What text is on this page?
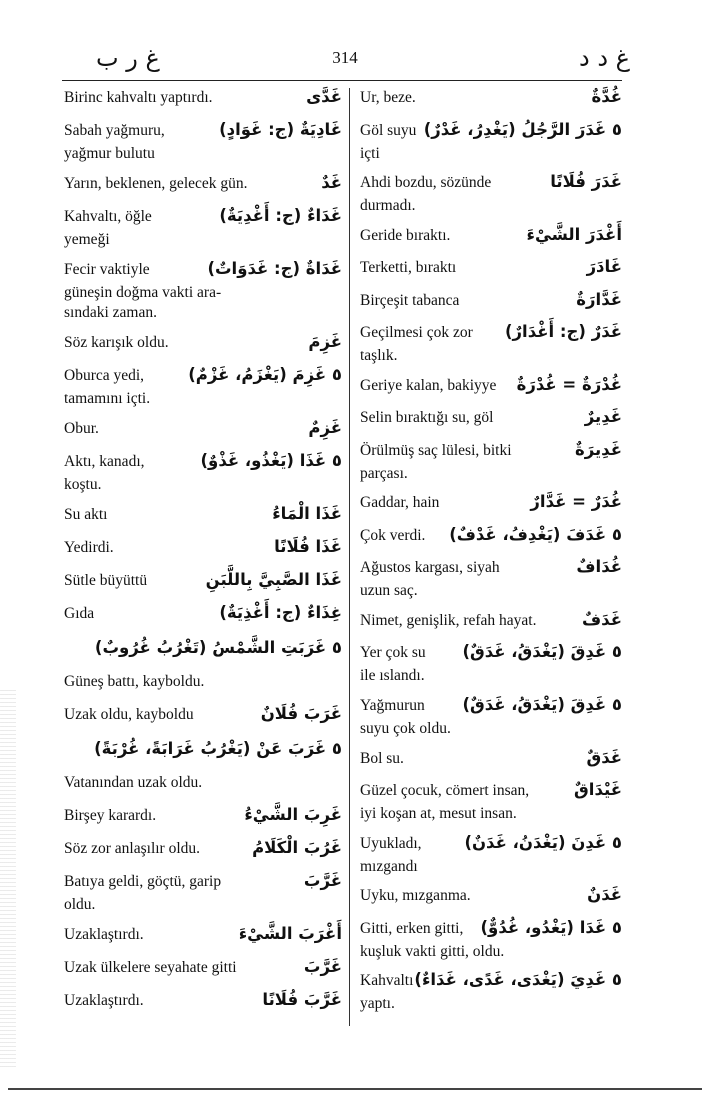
غ ر ب	314	غ د د
Birinc kahvaltı yaptırdı.	غَدَّى
Sabah yağmuru,	غَادِيَةٌ (ج: غَوَادٍ)
yağmur bulutu
Yarın, beklenen, gelecek gün.	غَدٌ
Kahvaltı, öğle	غَدَاءٌ (ج: أَغْدِيَةٌ)
yemeği
Fecir vaktiyle	غَدَاةٌ (ج: غَدَوَاتٌ)
güneşin doğma vakti ara-
sındaki zaman.
Söz karışık oldu.	غَزِمَ
Oburca yedi,	٥ غَزِمَ (يَغْزَمُ، غَزْمٌ)
tamamını içti.
Obur.	غَزِمٌ
Aktı, kanadı,	٥ غَذَا (يَغْذُو، غَذْوٌ)
koştu.
Su aktı	غَذَا الْمَاءُ
Yedirdi.	غَذَا فُلَانًا
Sütle büyüttü	غَذَا الصَّبِيَّ بِاللَّبَنِ
Gıda	غِذَاءٌ (ج: أَغْذِيَةٌ)
٥ غَرَبَتِ الشَّمْسُ (تَغْرُبُ غُرُوبٌ)
Güneş battı, kayboldu.
Uzak oldu, kayboldu	غَرَبَ فُلَانٌ
٥ غَرَبَ عَنْ (يَغْرُبُ غَرَابَةً، غُرْبَةً)
Vatanından uzak oldu.
Birşey karardı.	غَرِبَ الشَّيْءُ
Söz zor anlaşılır oldu.	غَرُبَ الْكَلَامُ
Batıya geldi, göçtü, garip	غَرَّبَ
oldu.
Uzaklaştırdı.	أَغْرَبَ الشَّيْءَ
Uzak ülkelere seyahate gitti	غَرَّبَ
Uzaklaştırdı.	غَرَّبَ فُلَانًا
Ur, beze.	غُدَّةٌ
Göl suyu ٥ غَدَرَ الرَّجُلُ (يَغْدِرُ، غَدْرٌ)
içti
Ahdi bozdu, sözünde	غَدَرَ فُلَانًا
durmadı.
Geride bıraktı.	أَغْدَرَ الشَّيْءَ
Terketti, bıraktı	غَادَرَ
Birçeşit tabanca	غَدَّارَةٌ
Geçilmesi çok zor غَدَرٌ (ج: أَغْدَارٌ)
taşlık.
Geriye kalan, bakiyye غُدْرَةٌ = غُدْرَةٌ
Selin bıraktığı su, göl	غَدِيرٌ
Örülmüş saç lülesi, bitki	غَدِيرَةٌ
parçası.
Gaddar, hain	غُدَرٌ = غَدَّارٌ
Çok verdi. ٥ غَدَفَ (يَغْدِفُ، غَدْفٌ)
Ağustos kargası, siyah	غُدَافٌ
uzun saç.
Nimet, genişlik, refah hayat.	غَدَفٌ
Yer çok su ٥ غَدِقَ (يَغْدَقُ، غَدَقٌ)
ile ıslandı.
Yağmurun ٥ غَدِقَ (يَغْدَقُ، غَدَقٌ)
suyu çok oldu.
Bol su.	غَدَقٌ
Güzel çocuk, cömert insan,	غَيْدَاقٌ
iyi koşan at, mesut insan.
Uyukladı,	٥ غَدِنَ (يَغْدَنُ، غَدَنٌ)
mızgandı
Uyku, mızganma.	غَدَنٌ
Gitti, erken gitti, ٥ غَدَا (يَغْدُو، غُدُوٌّ)
kuşluk vakti gitti, oldu.
Kahvaltı ٥ غَدِيَ (يَغْدَى، غَدًى، غَدَاءٌ)
yaptı.
